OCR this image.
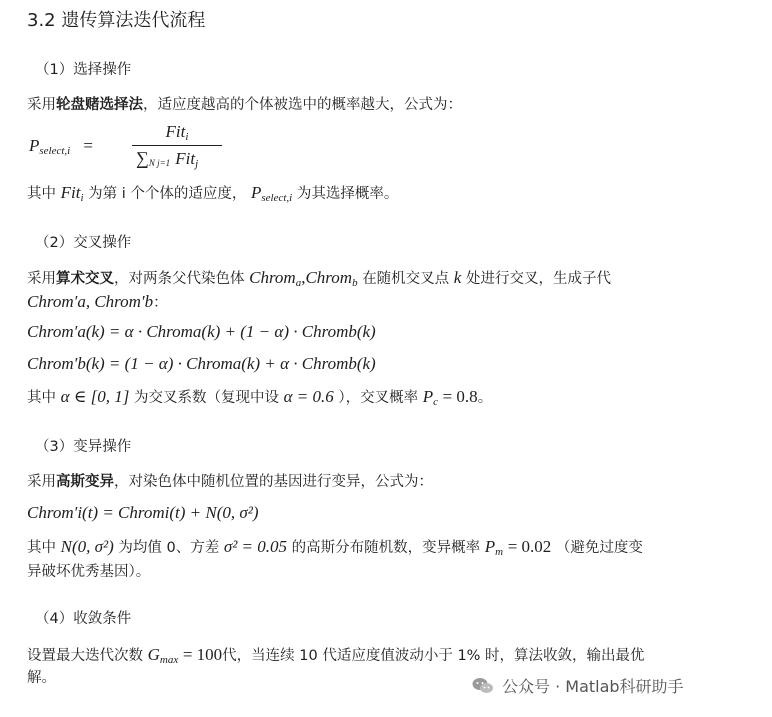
3.2 遗传算法迭代流程
（1）选择操作
采用轮盘赌选择法，适应度越高的个体被选中的概率越大，公式为：
$P_{select,i}$ =
Fit$_i$
∑N j=1 Fit$_j$
其中 Fit$_i$ 为第 i 个个体的适应度， $P_{select,i}$ 为其选择概率。
（2）交叉操作
采用算术交叉，对两条父代染色体 Chrom$_a$,Chrom$_b$ 在随机交叉点 k 处进行交叉，生成子代
Chrom′a, Chrom′b：
Chrom′a(k) = α · Chroma(k) + (1 − α) · Chromb(k)
Chrom′b(k) = (1 − α) · Chroma(k) + α · Chromb(k)
其中 α ∈ [0, 1] 为交叉系数（复现中设 α = 0.6 ），交叉概率 $P_c = 0.8$。
（3）变异操作
采用高斯变异，对染色体中随机位置的基因进行变异，公式为：
Chrom′i(t) = Chromi(t) + N(0, σ²)
其中 N(0, σ²) 为均值 0、方差 σ² = 0.05 的高斯分布随机数，变异概率 $P_m = 0.02$ （避免过度变
异破坏优秀基因）。
（4）收敛条件
设置最大迭代次数 $G_{max} = 100$代，当连续 10 代适应度值波动小于 1% 时，算法收敛，输出最优
解。	公众号 · Matlab科研助手
